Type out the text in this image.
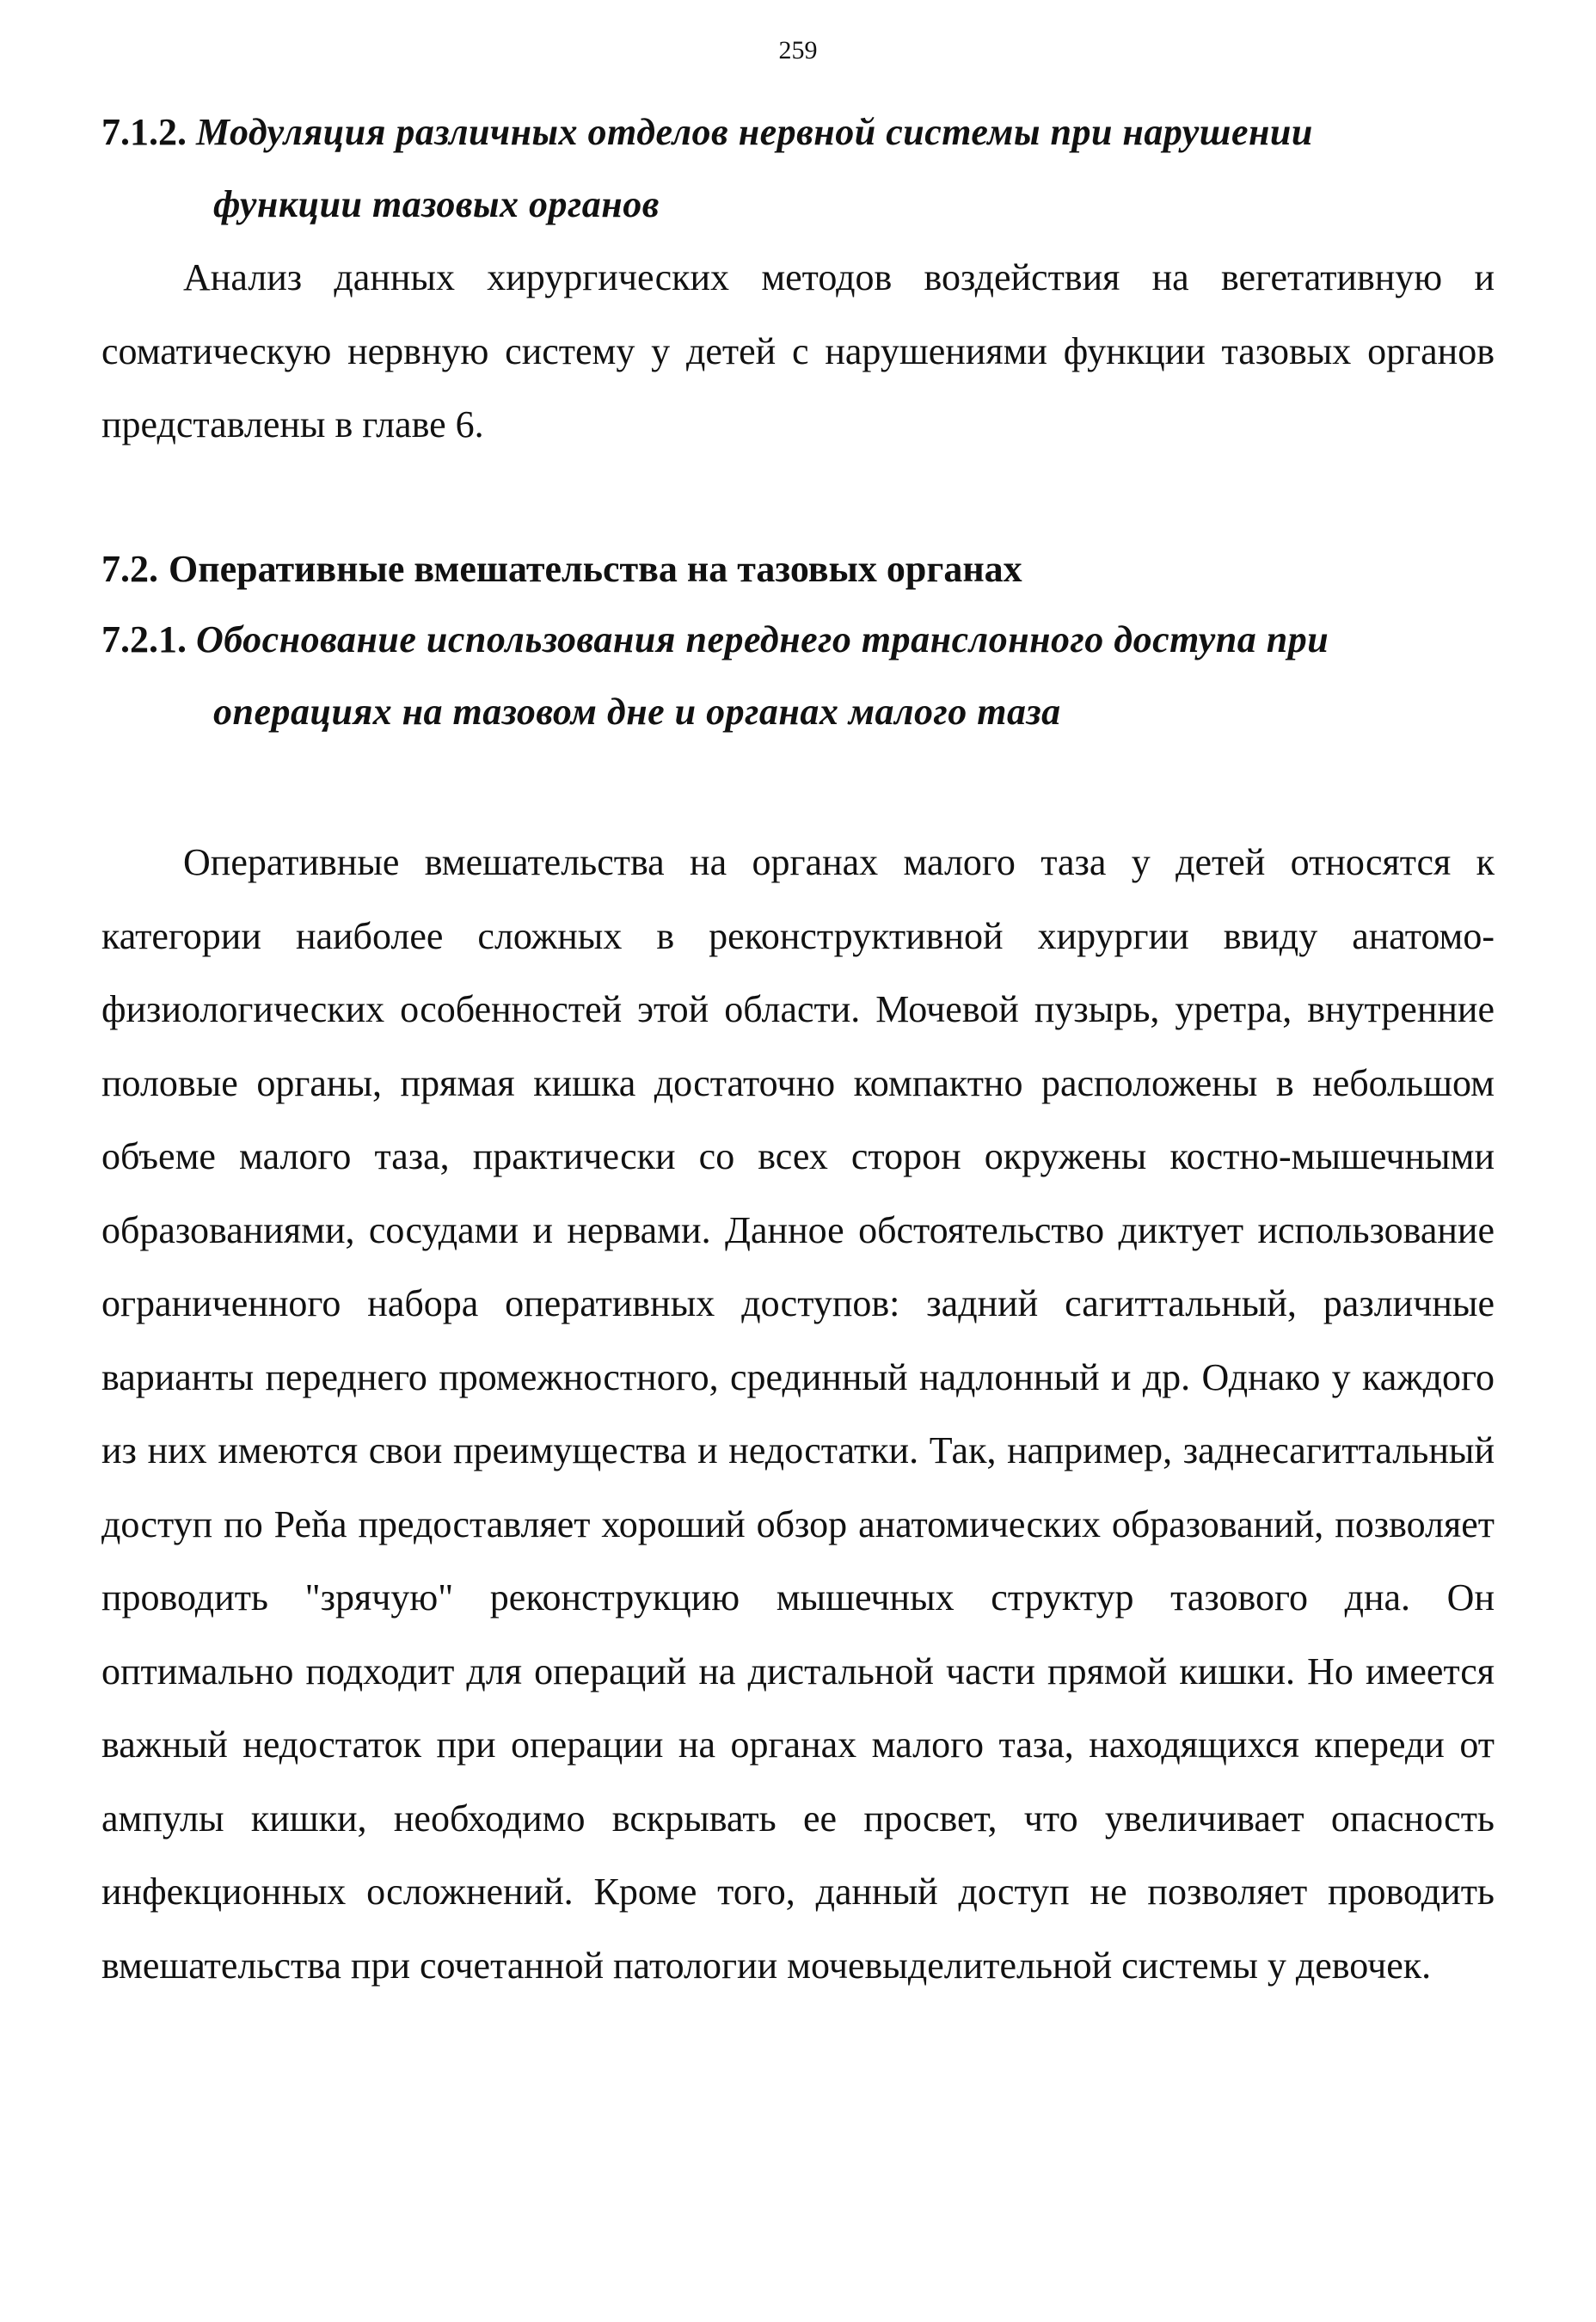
259
7.1.2. Модуляция различных отделов нервной системы при нарушении
функции тазовых органов

Анализ данных хирургических методов воздействия на вегетативную и соматическую нервную систему у детей с нарушениями функции тазовых органов представлены в главе 6.

7.2. Оперативные вмешательства на тазовых органах
7.2.1. Обоснование использования переднего транслонного доступа при
операциях на тазовом дне и органах малого таза

Оперативные вмешательства на органах малого таза у детей относятся к категории наиболее сложных в реконструктивной хирургии ввиду анатомо-физиологических особенностей этой области. Мочевой пузырь, уретра, внутренние половые органы, прямая кишка достаточно компактно расположены в небольшом объеме малого таза, практически со всех сторон окружены костно-мышечными образованиями, сосудами и нервами. Данное обстоятельство диктует использование ограниченного набора оперативных доступов: задний сагиттальный, различные варианты переднего промежностного, срединный надлонный и др. Однако у каждого из них имеются свои преимущества и недостатки. Так, например, заднесагиттальный доступ по Реňа предоставляет хороший обзор анатомических образований, позволяет проводить "зрячую" реконструкцию мышечных структур тазового дна. Он оптимально подходит для операций на дистальной части прямой кишки. Но имеется важный недостаток при операции на органах малого таза, находящихся кпереди от ампулы кишки, необходимо вскрывать ее просвет, что увеличивает опасность инфекционных осложнений. Кроме того, данный доступ не позволяет проводить вмешательства при сочетанной патологии мочевыделительной системы у девочек.
